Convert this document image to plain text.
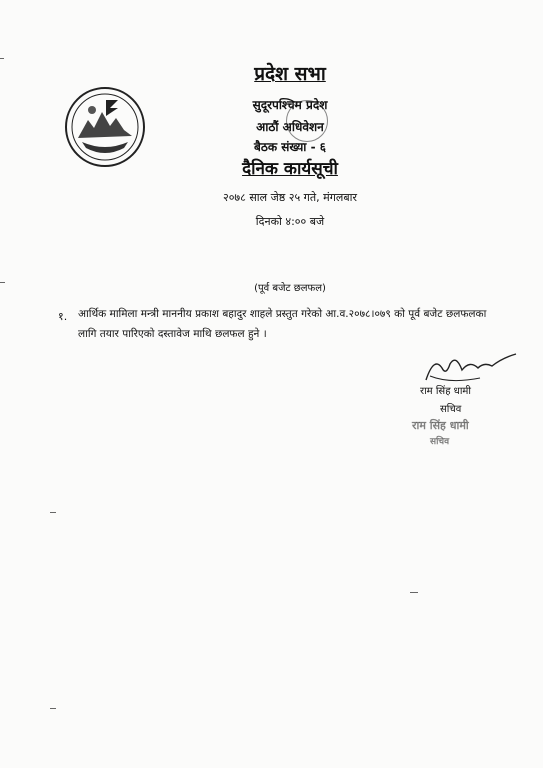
प्रदेश सभा
सुदूरपश्चिम प्रदेश
आठौं अधिवेशन
बैठक संख्या - ६
दैनिक कार्यसूची
२०७८ साल जेष्ठ २५ गते, मंगलबार
दिनको ४:०० बजे
(पूर्व बजेट छलफल)
१. आर्थिक मामिला मन्त्री माननीय प्रकाश बहादुर शाहले प्रस्तुत गरेको आ.व.२०७८।०७९ को पूर्व बजेट छलफलका लागि तयार पारिएको दस्तावेज माथि छलफल हुने ।
राम सिंह धामी
सचिव
राम सिंह धामी
सचिव
